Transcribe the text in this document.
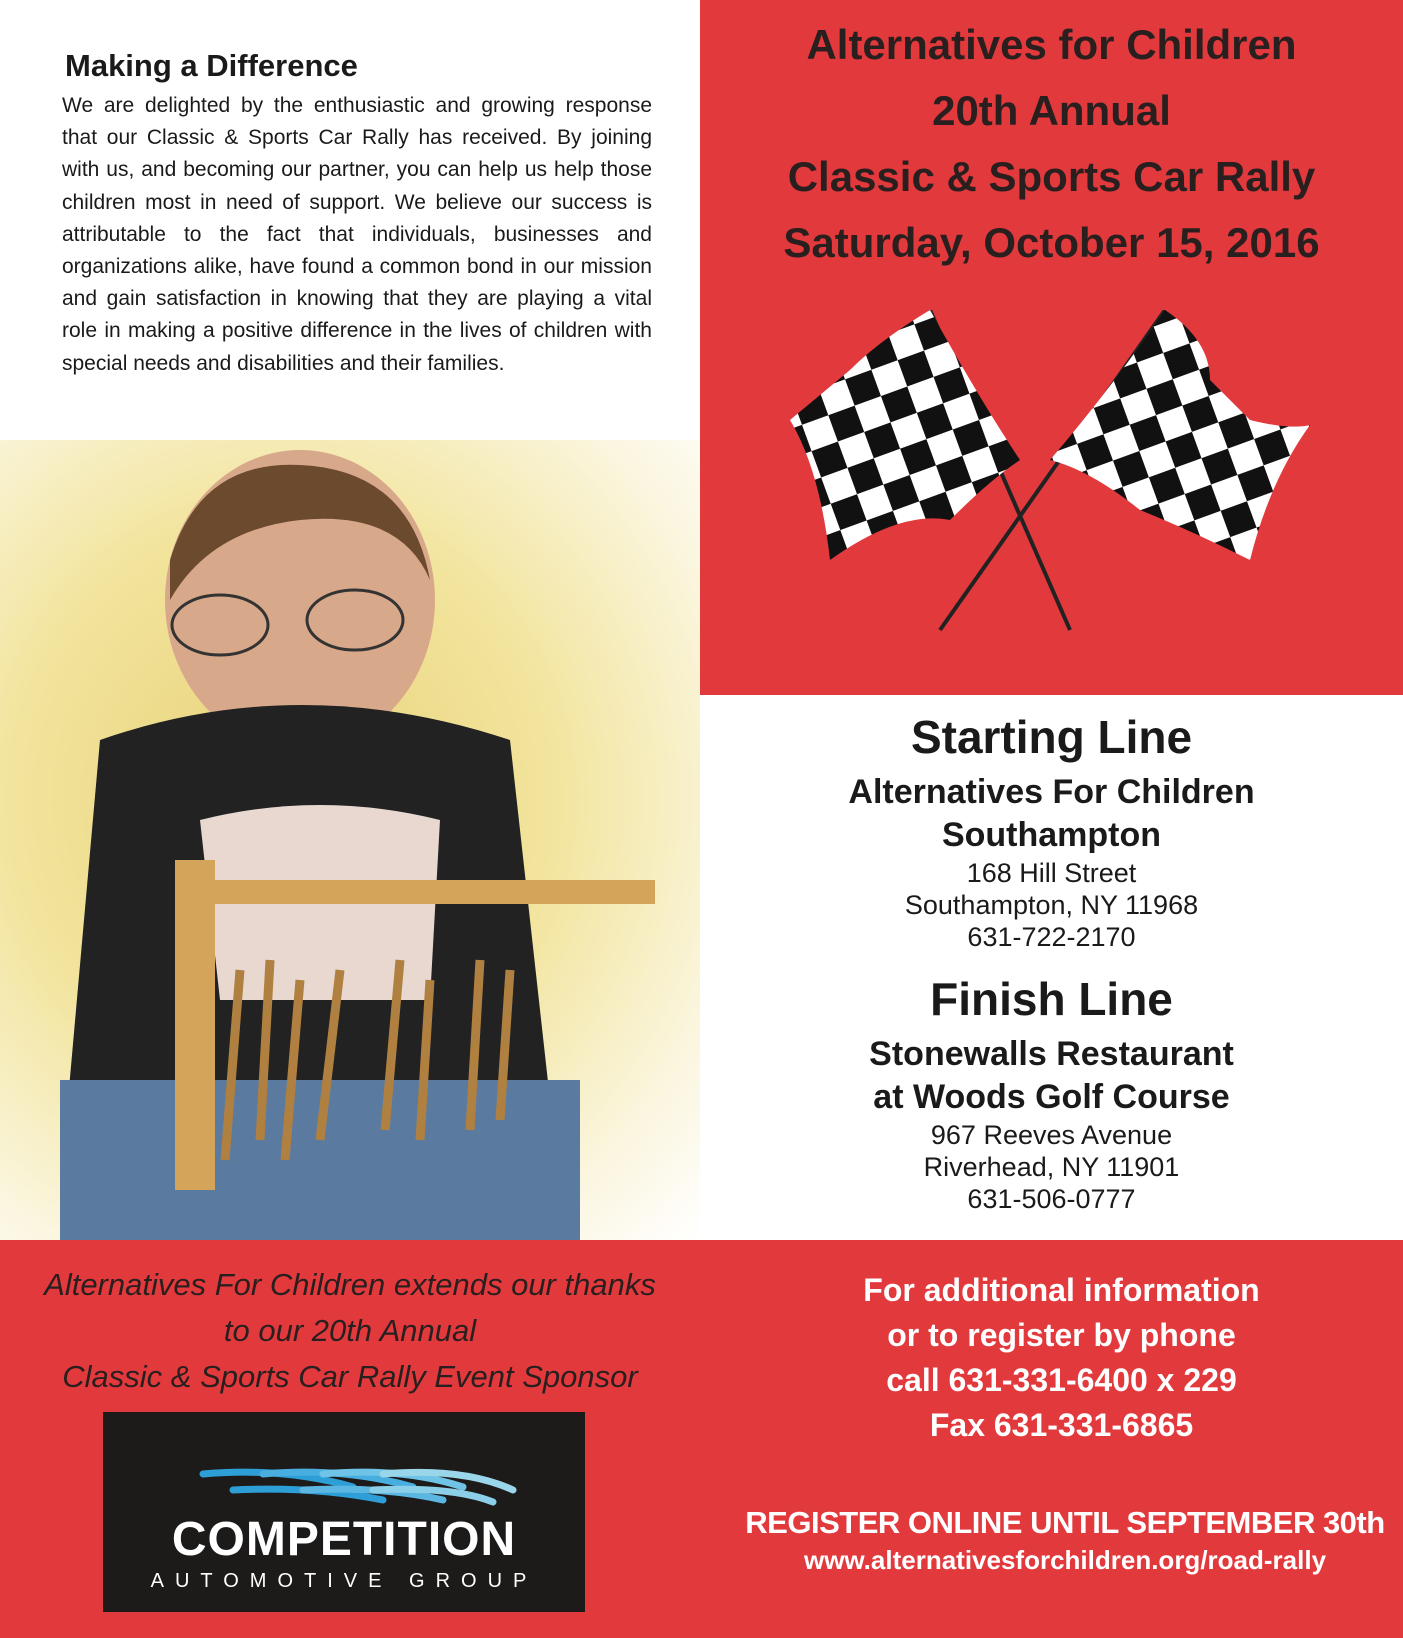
Making a Difference
We are delighted by the enthusiastic and growing response that our Classic & Sports Car Rally has received. By joining with us, and becoming our partner, you can help us help those children most in need of support. We believe our success is attributable to the fact that individuals, businesses and organizations alike, have found a common bond in our mission and gain satisfaction in knowing that they are playing a vital role in making a positive difference in the lives of children with special needs and disabilities and their families.
Alternatives for Children
20th Annual
Classic & Sports Car Rally
Saturday, October 15, 2016
Starting Line
Alternatives For Children
Southampton
168 Hill Street
Southampton, NY 11968
631-722-2170
Finish Line
Stonewalls Restaurant
at Woods Golf Course
967 Reeves Avenue
Riverhead, NY 11901
631-506-0777
Alternatives For Children extends our thanks
to our 20th Annual
Classic & Sports Car Rally Event Sponsor
COMPETITION
AUTOMOTIVE GROUP
For additional information
or to register by phone
call 631-331-6400 x 229
Fax 631-331-6865
REGISTER ONLINE UNTIL SEPTEMBER 30th
www.alternativesforchildren.org/road-rally
